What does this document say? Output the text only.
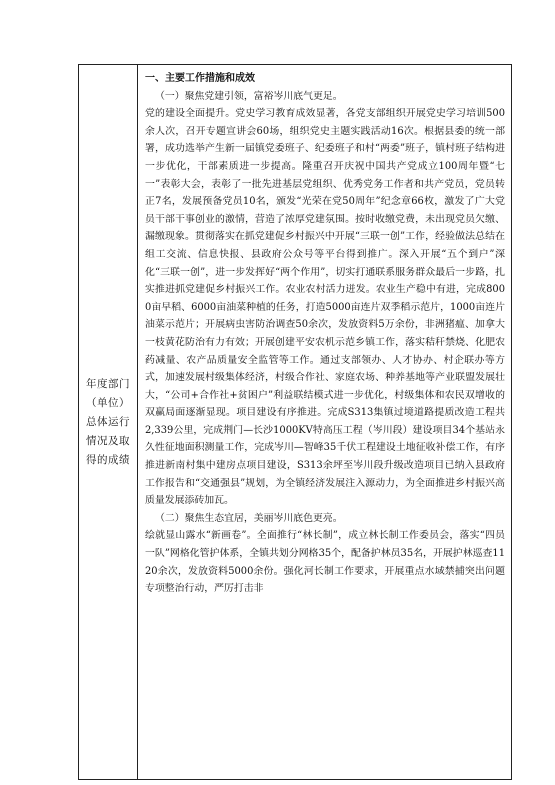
年度部门（单位）总体运行情况及取得的成绩

一、主要工作措施和成效

（一）聚焦党建引领，富裕岑川底气更足。

党的建设全面提升。党史学习教育成效显著，各党支部组织开展党史学习培训500余人次，召开专题宣讲会60场，组织党史主题实践活动16次。根据县委的统一部署，成功选举产生新一届镇党委班子、纪委班子和村“两委”班子，镇村班子结构进一步优化，干部素质进一步提高。隆重召开庆祝中国共产党成立100周年暨“七一”表彰大会，表彰了一批先进基层党组织、优秀党务工作者和共产党员，党员转正7名，发展预备党员10名，颁发“光荣在党50周年”纪念章66枚，激发了广大党员干部干事创业的激情，营造了浓厚党建氛围。按时收缴党费，未出现党员欠缴、漏缴现象。贯彻落实在抓党建促乡村振兴中开展“三联一创”工作，经验做法总结在组工交流、信息快报、县政府公众号等平台得到推广。深入开展“五个到户”深化“三联一创”，进一步发挥好“两个作用”，切实打通联系服务群众最后一步路，扎实推进抓党建促乡村振兴工作。农业农村活力迸发。农业生产稳中有进，完成8000亩早稻、6000亩油菜种植的任务，打造5000亩连片双季稻示范片，1000亩连片油菜示范片；开展病虫害防治调查50余次，发放资料5万余份，非洲猪瘟、加拿大一枝黄花防治有力有效；开展创建平安农机示范乡镇工作，落实秸秆禁烧、化肥农药减量、农产品质量安全监管等工作。通过支部领办、人才协办、村企联办等方式，加速发展村级集体经济，村级合作社、家庭农场、种养基地等产业联盟发展壮大，“公司+合作社+贫困户”利益联结模式进一步优化，村级集体和农民双增收的双赢局面逐渐显现。项目建设有序推进。完成S313集镇过境道路提质改造工程共2,339公里，完成荆门—长沙1000KV特高压工程（岑川段）建设项目34个基站永久性征地面积测量工作，完成岑川—智峰35千伏工程建设土地征收补偿工作，有序推进新南村集中建房点项目建设，S313余坪至岑川段升级改造项目已纳入县政府工作报告和“交通强县”规划，为全镇经济发展注入源动力，为全面推进乡村振兴高质量发展添砖加瓦。

（二）聚焦生态宜居，美丽岑川底色更亮。

绘就显山露水“新画卷”。全面推行“林长制”，成立林长制工作委员会，落实“四员一队”网格化管护体系，全镇共划分网格35个，配备护林员35名，开展护林巡查1120余次，发放资料5000余份。强化河长制工作要求，开展重点水域禁捕突出问题专项整治行动，严厉打击非
